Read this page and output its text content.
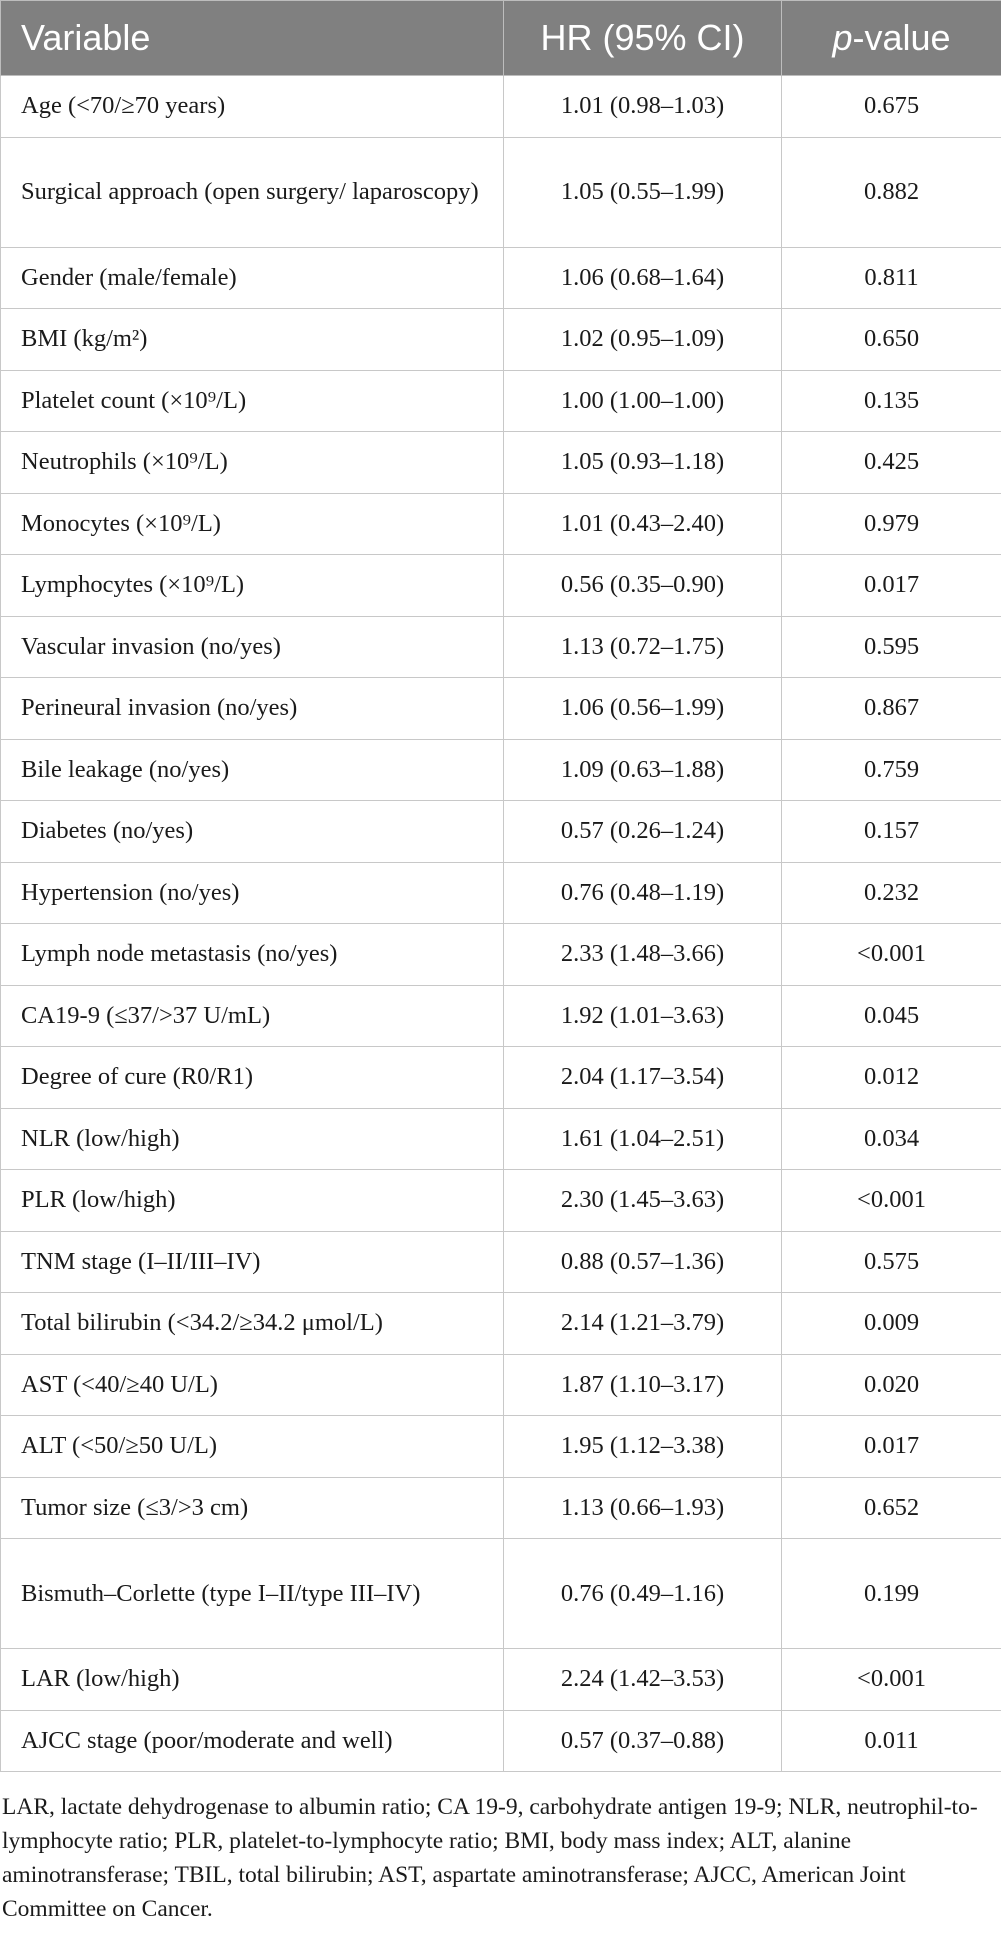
Variable	HR (95% CI)	p-value
Age (<70/≥70 years)	1.01 (0.98–1.03)	0.675
Surgical approach (open surgery/ laparoscopy)	1.05 (0.55–1.99)	0.882
Gender (male/female)	1.06 (0.68–1.64)	0.811
BMI (kg/m²)	1.02 (0.95–1.09)	0.650
Platelet count (×10⁹/L)	1.00 (1.00–1.00)	0.135
Neutrophils (×10⁹/L)	1.05 (0.93–1.18)	0.425
Monocytes (×10⁹/L)	1.01 (0.43–2.40)	0.979
Lymphocytes (×10⁹/L)	0.56 (0.35–0.90)	0.017
Vascular invasion (no/yes)	1.13 (0.72–1.75)	0.595
Perineural invasion (no/yes)	1.06 (0.56–1.99)	0.867
Bile leakage (no/yes)	1.09 (0.63–1.88)	0.759
Diabetes (no/yes)	0.57 (0.26–1.24)	0.157
Hypertension (no/yes)	0.76 (0.48–1.19)	0.232
Lymph node metastasis (no/yes)	2.33 (1.48–3.66)	<0.001
CA19-9 (≤37/>37 U/mL)	1.92 (1.01–3.63)	0.045
Degree of cure (R0/R1)	2.04 (1.17–3.54)	0.012
NLR (low/high)	1.61 (1.04–2.51)	0.034
PLR (low/high)	2.30 (1.45–3.63)	<0.001
TNM stage (I–II/III–IV)	0.88 (0.57–1.36)	0.575
Total bilirubin (<34.2/≥34.2 μmol/L)	2.14 (1.21–3.79)	0.009
AST (<40/≥40 U/L)	1.87 (1.10–3.17)	0.020
ALT (<50/≥50 U/L)	1.95 (1.12–3.38)	0.017
Tumor size (≤3/>3 cm)	1.13 (0.66–1.93)	0.652
Bismuth–Corlette (type I–II/type III–IV)	0.76 (0.49–1.16)	0.199
LAR (low/high)	2.24 (1.42–3.53)	<0.001
AJCC stage (poor/moderate and well)	0.57 (0.37–0.88)	0.011
LAR, lactate dehydrogenase to albumin ratio; CA 19-9, carbohydrate antigen 19-9; NLR, neutrophil-to-lymphocyte ratio; PLR, platelet-to-lymphocyte ratio; BMI, body mass index; ALT, alanine aminotransferase; TBIL, total bilirubin; AST, aspartate aminotransferase; AJCC, American Joint Committee on Cancer.
